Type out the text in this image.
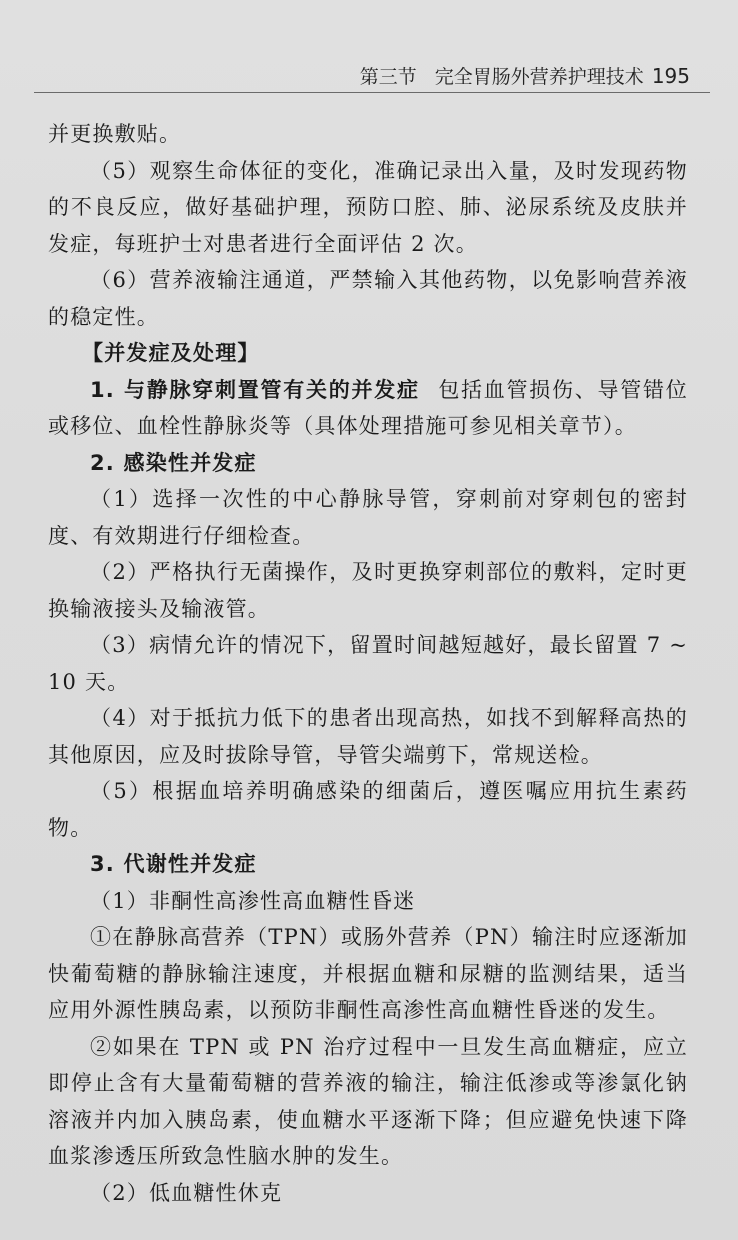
第三节 完全胃肠外营养护理技术 195

并更换敷贴。

（5）观察生命体征的变化，准确记录出入量，及时发现药物的不良反应，做好基础护理，预防口腔、肺、泌尿系统及皮肤并发症，每班护士对患者进行全面评估 2 次。

（6）营养液输注通道，严禁输入其他药物，以免影响营养液的稳定性。

【并发症及处理】

1. 与静脉穿刺置管有关的并发症 包括血管损伤、导管错位或移位、血栓性静脉炎等（具体处理措施可参见相关章节）。

2. 感染性并发症

（1）选择一次性的中心静脉导管，穿刺前对穿刺包的密封度、有效期进行仔细检查。

（2）严格执行无菌操作，及时更换穿刺部位的敷料，定时更换输液接头及输液管。

（3）病情允许的情况下，留置时间越短越好，最长留置 7 ~ 10 天。

（4）对于抵抗力低下的患者出现高热，如找不到解释高热的其他原因，应及时拔除导管，导管尖端剪下，常规送检。

（5）根据血培养明确感染的细菌后，遵医嘱应用抗生素药物。

3. 代谢性并发症

（1）非酮性高渗性高血糖性昏迷

①在静脉高营养（TPN）或肠外营养（PN）输注时应逐渐加快葡萄糖的静脉输注速度，并根据血糖和尿糖的监测结果，适当应用外源性胰岛素，以预防非酮性高渗性高血糖性昏迷的发生。

②如果在 TPN 或 PN 治疗过程中一旦发生高血糖症，应立即停止含有大量葡萄糖的营养液的输注，输注低渗或等渗氯化钠溶液并内加入胰岛素，使血糖水平逐渐下降；但应避免快速下降血浆渗透压所致急性脑水肿的发生。

（2）低血糖性休克
